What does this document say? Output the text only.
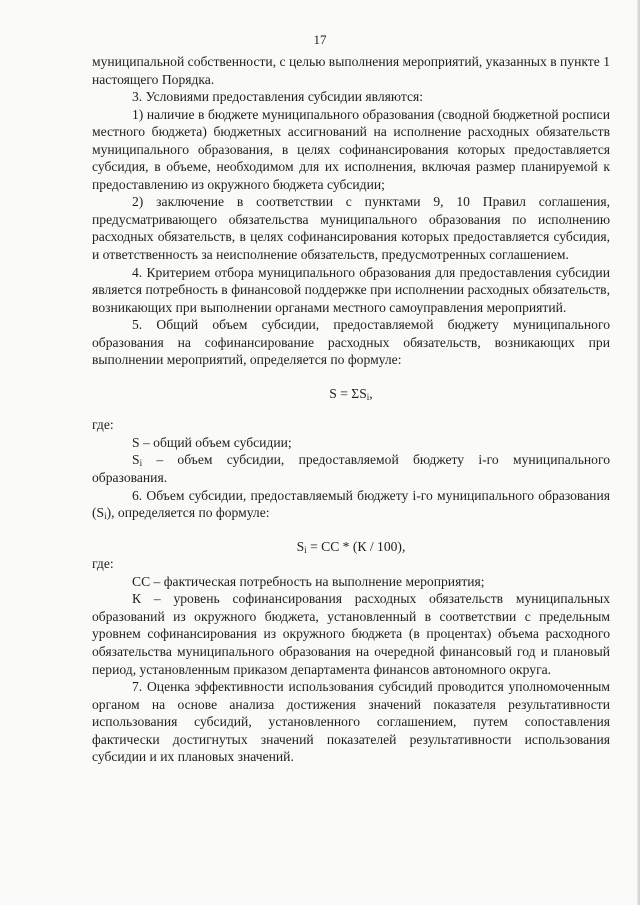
17

муниципальной собственности, с целью выполнения мероприятий, указанных в пункте 1 настоящего Порядка.

3. Условиями предоставления субсидии являются:

1) наличие в бюджете муниципального образования (сводной бюджетной росписи местного бюджета) бюджетных ассигнований на исполнение расходных обязательств муниципального образования, в целях софинансирования которых предоставляется субсидия, в объеме, необходимом для их исполнения, включая размер планируемой к предоставлению из окружного бюджета субсидии;

2) заключение в соответствии с пунктами 9, 10 Правил соглашения, предусматривающего обязательства муниципального образования по исполнению расходных обязательств, в целях софинансирования которых предоставляется субсидия, и ответственность за неисполнение обязательств, предусмотренных соглашением.

4. Критерием отбора муниципального образования для предоставления субсидии является потребность в финансовой поддержке при исполнении расходных обязательств, возникающих при выполнении органами местного самоуправления мероприятий.

5. Общий объем субсидии, предоставляемой бюджету муниципального образования на софинансирование расходных обязательств, возникающих при выполнении мероприятий, определяется по формуле:

$S = \Sigma S_i$,

где:

S – общий объем субсидии;

$S_i$ – объем субсидии, предоставляемой бюджету i-го муниципального образования.

6. Объем субсидии, предоставляемый бюджету i-го муниципального образования $(S_i)$, определяется по формуле:

$S_i$ = CC * (К / 100),

где:

CC – фактическая потребность на выполнение мероприятия;

К – уровень софинансирования расходных обязательств муниципальных образований из окружного бюджета, установленный в соответствии с предельным уровнем софинансирования из окружного бюджета (в процентах) объема расходного обязательства муниципального образования на очередной финансовый год и плановый период, установленным приказом департамента финансов автономного округа.

7. Оценка эффективности использования субсидий проводится уполномоченным органом на основе анализа достижения значений показателя результативности использования субсидий, установленного соглашением, путем сопоставления фактически достигнутых значений показателей результативности использования субсидии и их плановых значений.
